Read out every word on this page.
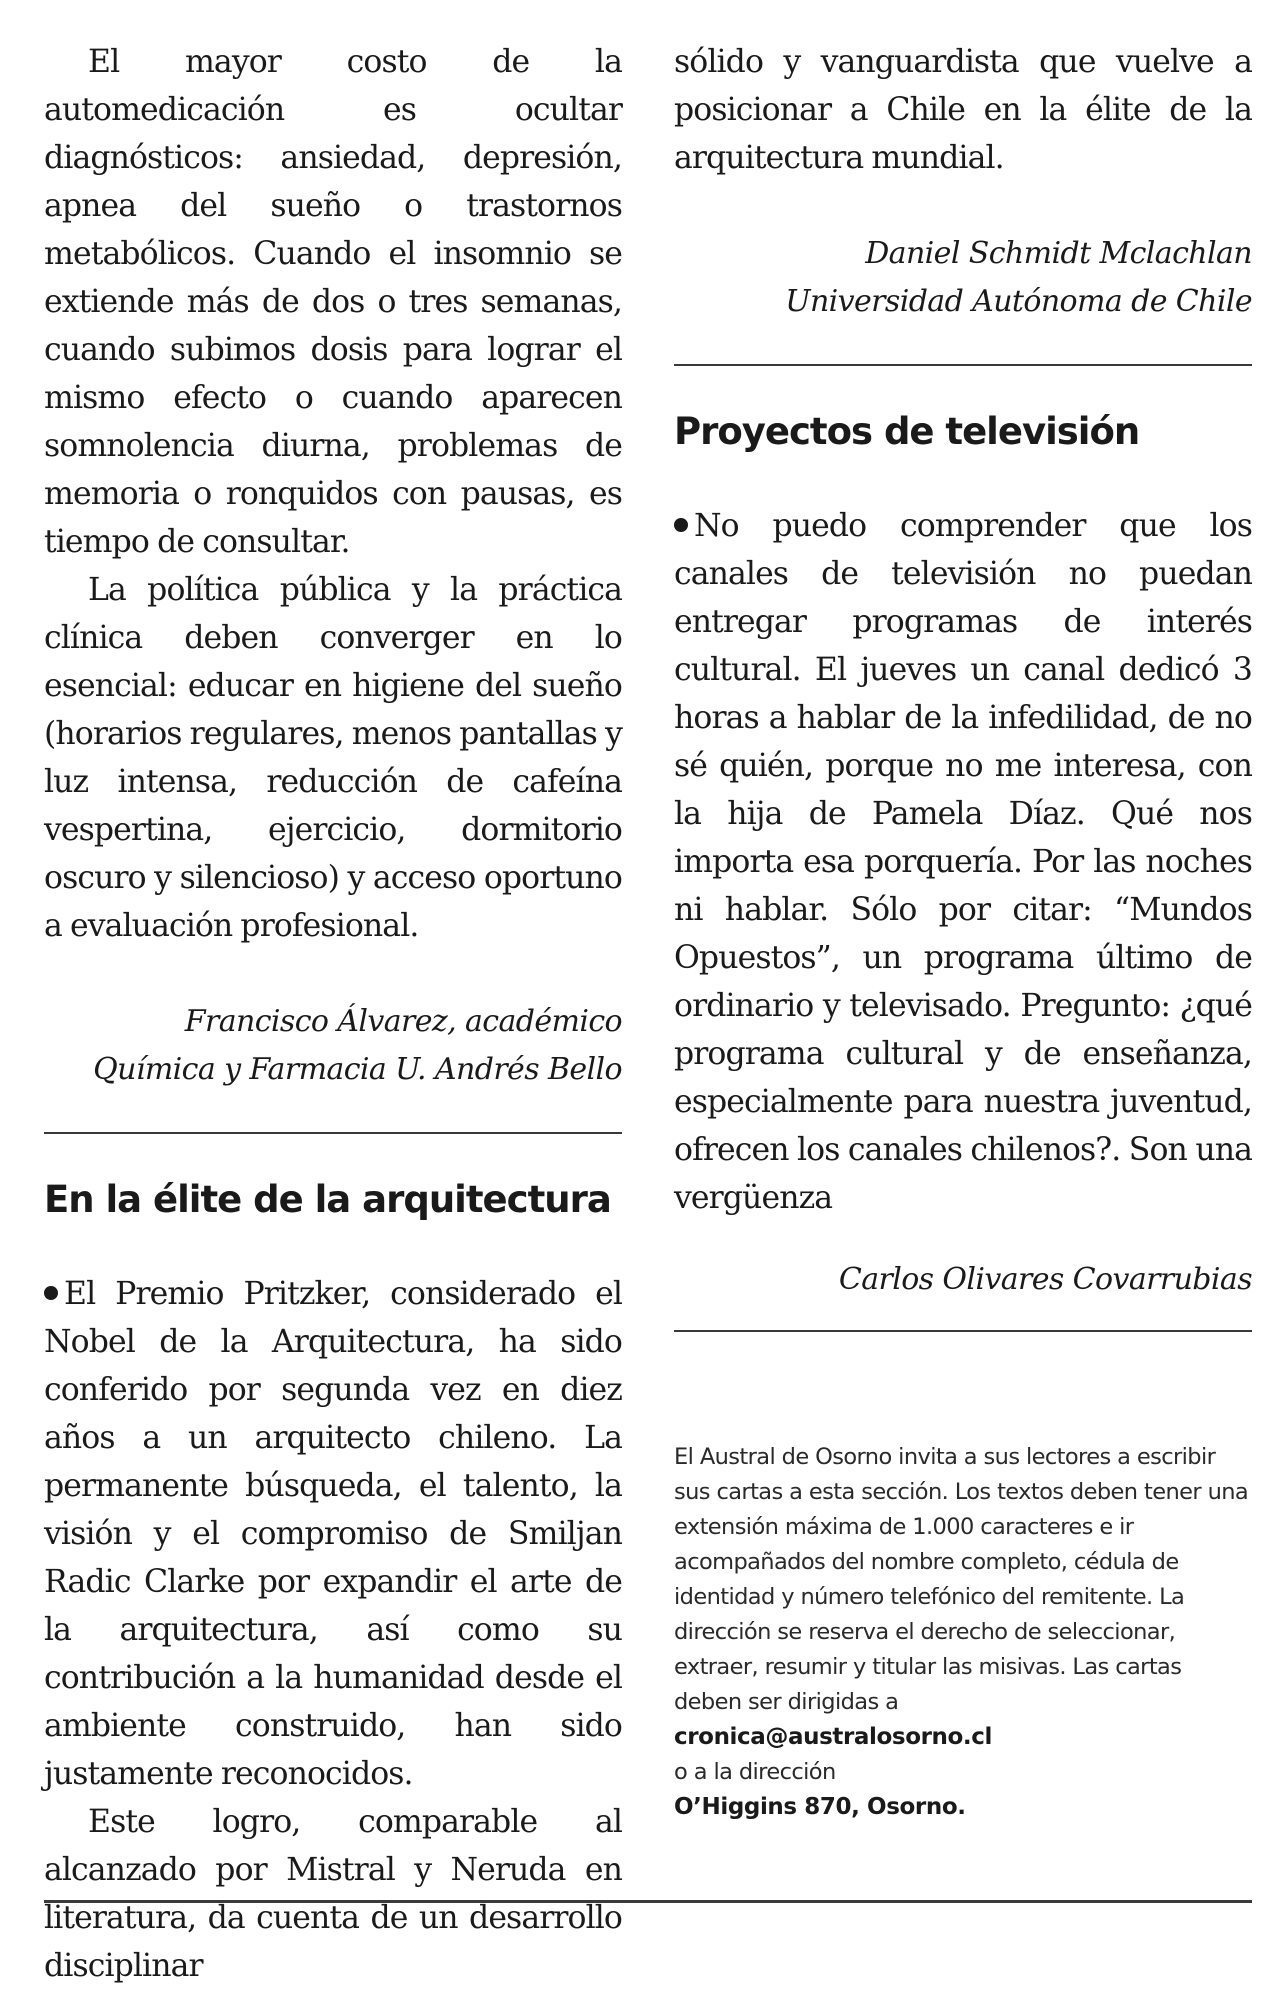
El mayor costo de la automedicación es ocultar diagnósticos: ansiedad, depresión, apnea del sueño o trastornos metabólicos. Cuando el insomnio se extiende más de dos o tres semanas, cuando subimos dosis para lograr el mismo efecto o cuando aparecen somnolencia diurna, problemas de memoria o ronquidos con pausas, es tiempo de consultar.

La política pública y la práctica clínica deben converger en lo esencial: educar en higiene del sueño (horarios regulares, menos pantallas y luz intensa, reducción de cafeína vespertina, ejercicio, dormitorio oscuro y silencioso) y acceso oportuno a evaluación profesional.

Francisco Álvarez, académico

Química y Farmacia U. Andrés Bello

En la élite de la arquitectura

El Premio Pritzker, considerado el Nobel de la Arquitectura, ha sido conferido por segunda vez en diez años a un arquitecto chileno. La permanente búsqueda, el talento, la visión y el compromiso de Smiljan Radic Clarke por expandir el arte de la arquitectura, así como su contribución a la humanidad desde el ambiente construido, han sido justamente reconocidos.

Este logro, comparable al alcanzado por Mistral y Neruda en literatura, da cuenta de un desarrollo disciplinar

sólido y vanguardista que vuelve a posicionar a Chile en la élite de la arquitectura mundial.

Daniel Schmidt Mclachlan

Universidad Autónoma de Chile

Proyectos de televisión

No puedo comprender que los canales de televisión no puedan entregar programas de interés cultural. El jueves un canal dedicó 3 horas a hablar de la infedilidad, de no sé quién, porque no me interesa, con la hija de Pamela Díaz. Qué nos importa esa porquería. Por las noches ni hablar. Sólo por citar: “Mundos Opuestos”, un programa último de ordinario y televisado. Pregunto: ¿qué programa cultural y de enseñanza, especialmente para nuestra juventud, ofrecen los canales chilenos?. Son una vergüenza

Carlos Olivares Covarrubias

El Austral de Osorno invita a sus lectores a escribir sus cartas a esta sección. Los textos deben tener una extensión máxima de 1.000 caracteres e ir acompañados del nombre completo, cédula de identidad y número telefónico del remitente. La dirección se reserva el derecho de seleccionar, extraer, resumir y titular las misivas. Las cartas deben ser dirigidas a

cronica@australosorno.cl

o a la dirección

O’Higgins 870, Osorno.
